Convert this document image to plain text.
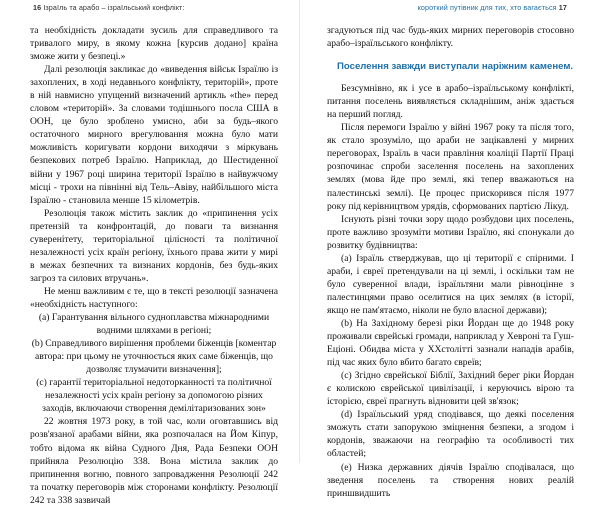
16 Ізраїль та арабо – ізраїльський конфлікт:

та необхідність докладати зусиль для справедливого та тривалого миру, в якому кожна [курсив додано] країна зможе жити у безпеці.»

Далі резолюція закликає до «виведення військ Ізраїлю із захоплених, в ході недавнього конфлікту, територій», проте в ній навмисно упущений визначений артикль «the» перед словом «територій». За словами тодішнього посла США в ООН, це було зроблено умисно, аби за будь–якого остаточного мирного врегулювання можна було мати можливість коригувати кордони виходячи з міркувань безпекових потреб Ізраїлю. Наприклад, до Шестиденної війни у 1967 році ширина території Ізраїлю в найвужчому місці - трохи на півнінні від Тель–Авіву, найбільшого міста Ізраїлю - становила менше 15 кілометрів.

Резолюція також містить заклик до «припинення усіх претензій та конфронтацій, до поваги та визнання суверенітету, територіальної цілісності та політичної незалежності усіх країн регіону, їхнього права жити у мирі в межах безпечних та визнаних кордонів, без будь-яких загроз та силових втручань».

Не менш важливим є те, що в тексті резолюції зазначена «необхідність наступного:

(a) Гарантування вільного судноплавства міжнародними водними шляхами в регіоні;

(b) Справедливого вирішення проблеми біженців [коментар автора: при цьому не уточнюється яких саме біженців, що дозволяє тлумачити визначення];

(c) гарантії територіальної недоторканності та політичної незалежності усіх країн регіону за допомогою різних заходів, включаючи створення демілітаризованих зон»

22 жовтня 1973 року, в той час, коли оговтавшись від розв'язаної арабами війни, яка розпочалася на Йом Кіпур, тобто відома як війна Судного Дня, Рада Безпеки ООН прийняла Резолюцію 338. Вона містила заклик до припинення вогню, повного запровадження Резолюції 242 та початку переговорів між сторонами конфлікту. Резолюції 242 та 338 зазвичай

короткий путівник для тих, хто вагається 17

згадуються під час будь-яких мирних переговорів стосовно арабо–ізраїльського конфлікту.

Поселення завжди виступали наріжним каменем.

Безсумнівно, як і усе в арабо–ізраїльському конфлікті, питання поселень виявляється складнішим, аніж здається на перший погляд.

Після перемоги Ізраїлю у війні 1967 року та після того, як стало зрозуміло, що араби не зацікавлені у мирних переговорах, Ізраїль в часи правління коаліції Партії Праці розпочинає спроби заселення поселень на захоплених землях (мова йде про землі, які тепер вважаються на палестинські землі). Це процес прискорився після 1977 року під керівництвом урядів, сформованих партією Лікуд.

Існують різні точки зору щодо розбудови цих поселень, проте важливо зрозуміти мотиви Ізраїлю, які спонукали до розвитку будівництва:

(a) Ізраїль стверджував, що ці території є спірними. І араби, і євреї претендували на ці землі, і оскільки там не було суверенної влади, ізраїльтяни мали рівноцінне з палестинцями право оселитися на цих землях (в історії, якщо не пам'ятаємо, ніколи не було власної держави);

(b) На Західному березі ріки Йордан ще до 1948 року проживали єврейські громади, наприклад у Хевроні та Гуш-Еціоні. Обидва міста у XXстолітті зазнали нападів арабів, під час яких було вбито багато євреїв;

(c) Згідно єврейської Біблії, Західний берег ріки Йордан є колискою єврейської цивілізації, і керуючись вірою та історією, євреї прагнуть відновити цей зв'язок;

(d) Ізраїльський уряд сподівався, що деякі поселення зможуть стати запорукою зміцнення безпеки, а згодом і кордонів, зважаючи на географію та особливості тих областей;

(e) Низка державних діячів Ізраїлю сподівалася, що зведення поселень та створення нових реалій приншвидшить
